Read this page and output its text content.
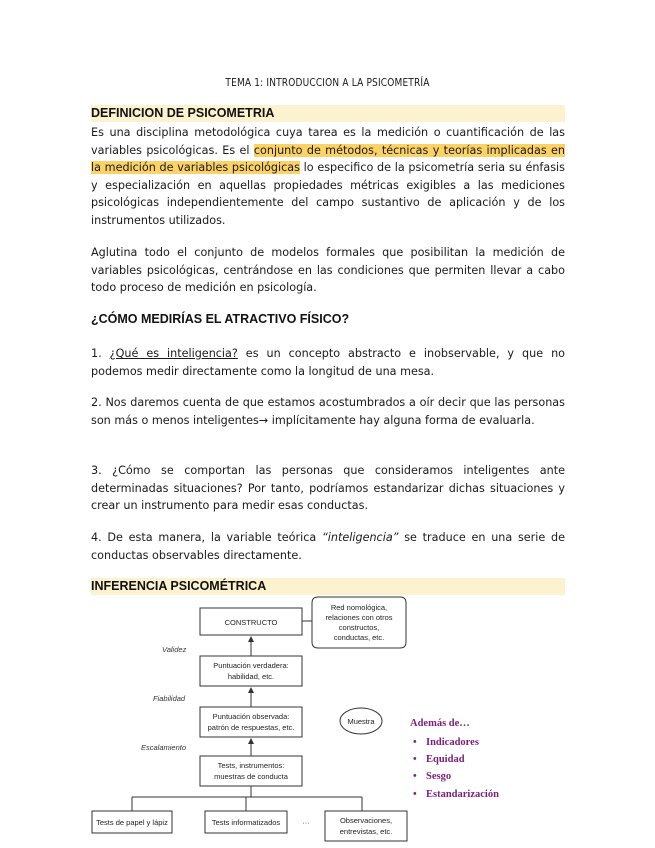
TEMA 1: INTRODUCCION A LA PSICOMETRÍA
DEFINICION DE PSICOMETRIA
Es una disciplina metodológica cuya tarea es la medición o cuantificación de las variables psicológicas. Es el conjunto de métodos, técnicas y teorías implicadas en la medición de variables psicológicas lo especifico de la psicometría seria su énfasis y especialización en aquellas propiedades métricas exigibles a las mediciones psicológicas independientemente del campo sustantivo de aplicación y de los instrumentos utilizados.
Aglutina todo el conjunto de modelos formales que posibilitan la medición de variables psicológicas, centrándose en las condiciones que permiten llevar a cabo todo proceso de medición en psicología.
¿CÓMO MEDIRÍAS EL ATRACTIVO FÍSICO?
1. ¿Qué es inteligencia? es un concepto abstracto e inobservable, y que no podemos medir directamente como la longitud de una mesa.
2. Nos daremos cuenta de que estamos acostumbrados a oír decir que las personas son más o menos inteligentes→ implícitamente hay alguna forma de evaluarla.
3. ¿Cómo se comportan las personas que consideramos inteligentes ante determinadas situaciones? Por tanto, podríamos estandarizar dichas situaciones y crear un instrumento para medir esas conductas.
4. De esta manera, la variable teórica “inteligencia” se traduce en una serie de conductas observables directamente.
INFERENCIA PSICOMÉTRICA
CONSTRUCTO
Red nomológica,
relaciones con otros
constructos,
conductas, etc.
Puntuación verdadera:
habilidad, etc.
Puntuación observada:
patrón de respuestas, etc.
Muestra
Tests, instrumentos:
muestras de conducta
Tests de papel y lápiz	Tests informatizados	···	Observaciones,
entrevistas, etc.
Validez
Fiabilidad
Escalamiento
Además de…
• Indicadores
• Equidad
• Sesgo
• Estandarización
